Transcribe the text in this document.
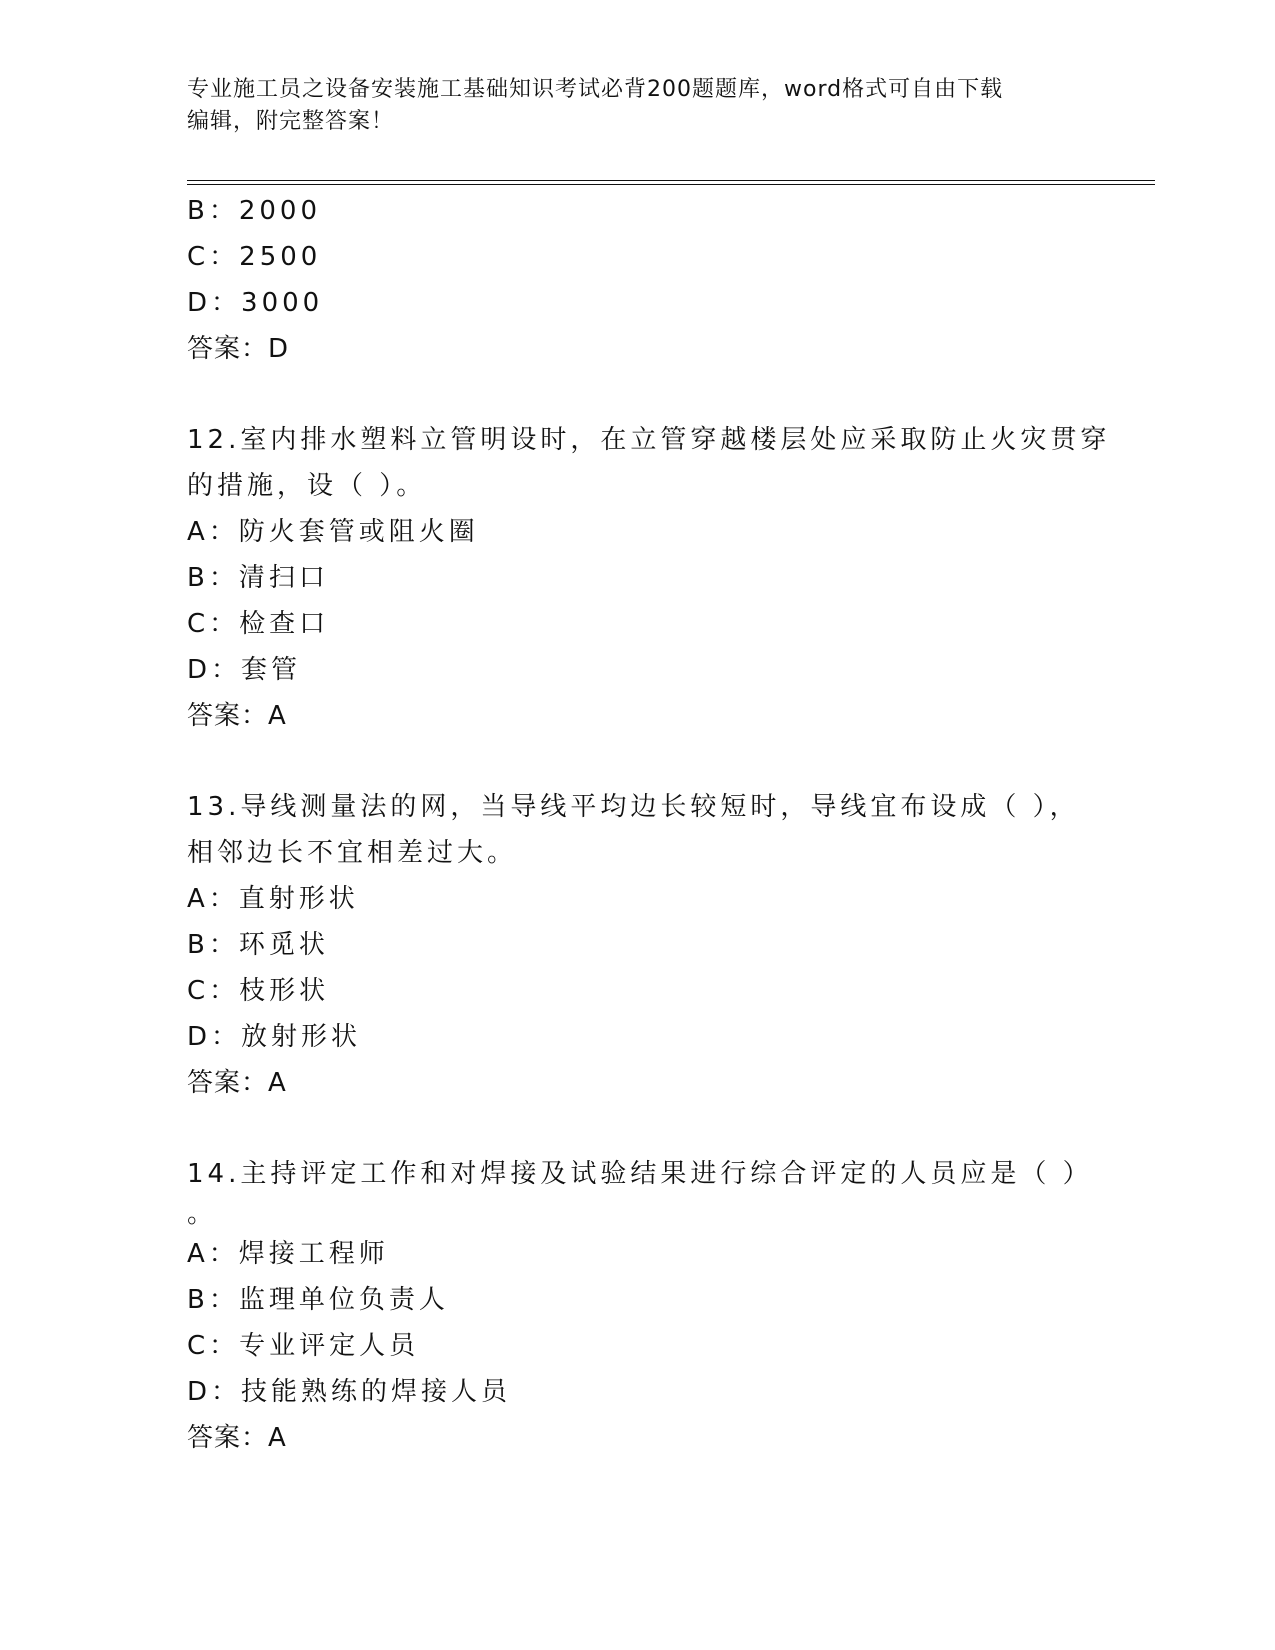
专业施工员之设备安装施工基础知识考试必背200题题库，word格式可自由下载
编辑，附完整答案！
B：2000
C：2500
D：3000
答案：D
12.室内排水塑料立管明设时，在立管穿越楼层处应采取防止火灾贯穿
的措施，设（ ）。
A：防火套管或阻火圈
B：清扫口
C：检查口
D：套管
答案：A
13.导线测量法的网，当导线平均边长较短时，导线宜布设成（ ），
相邻边长不宜相差过大。
A：直射形状
B：环觅状
C：枝形状
D：放射形状
答案：A
14.主持评定工作和对焊接及试验结果进行综合评定的人员应是（ ）
。
A：焊接工程师
B：监理单位负责人
C：专业评定人员
D：技能熟练的焊接人员
答案：A
